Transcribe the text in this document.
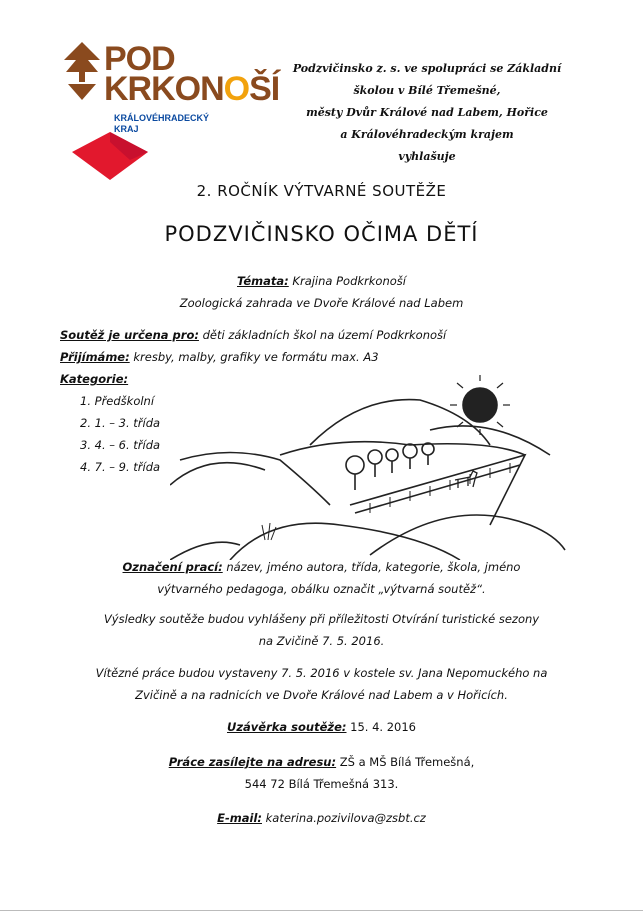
POD
KRKONOŠÍ
KRÁLOVÉHRADECKÝ
KRAJ
Podzvičinsko z. s. ve spolupráci se Základní
školou v Bílé Třemešné,
městy Dvůr Králové nad Labem, Hořice
a Královéhradeckým krajem
vyhlašuje
2. ROČNÍK VÝTVARNÉ SOUTĚŽE
PODZVIČINSKO OČIMA DĚTÍ
Témata: Krajina Podkrkonoší
Zoologická zahrada ve Dvoře Králové nad Labem
Soutěž je určena pro: děti základních škol na území Podkrkonoší
Přijímáme: kresby, malby, grafiky ve formátu max. A3
Kategorie:
1. Předškolní
2. 1. – 3. třída
3. 4. – 6. třída
4. 7. – 9. třída
Označení prací: název, jméno autora, třída, kategorie, škola, jméno
výtvarného pedagoga, obálku označit „výtvarná soutěž“.
Výsledky soutěže budou vyhlášeny při příležitosti Otvírání turistické sezony
na Zvičině 7. 5. 2016.
Vítězné práce budou vystaveny 7. 5. 2016 v kostele sv. Jana Nepomuckého na
Zvičině a na radnicích ve Dvoře Králové nad Labem a v Hořicích.
Uzávěrka soutěže: 15. 4. 2016
Práce zasílejte na adresu: ZŠ a MŠ Bílá Třemešná,
544 72 Bílá Třemešná 313.
E-mail: katerina.pozivilova@zsbt.cz
